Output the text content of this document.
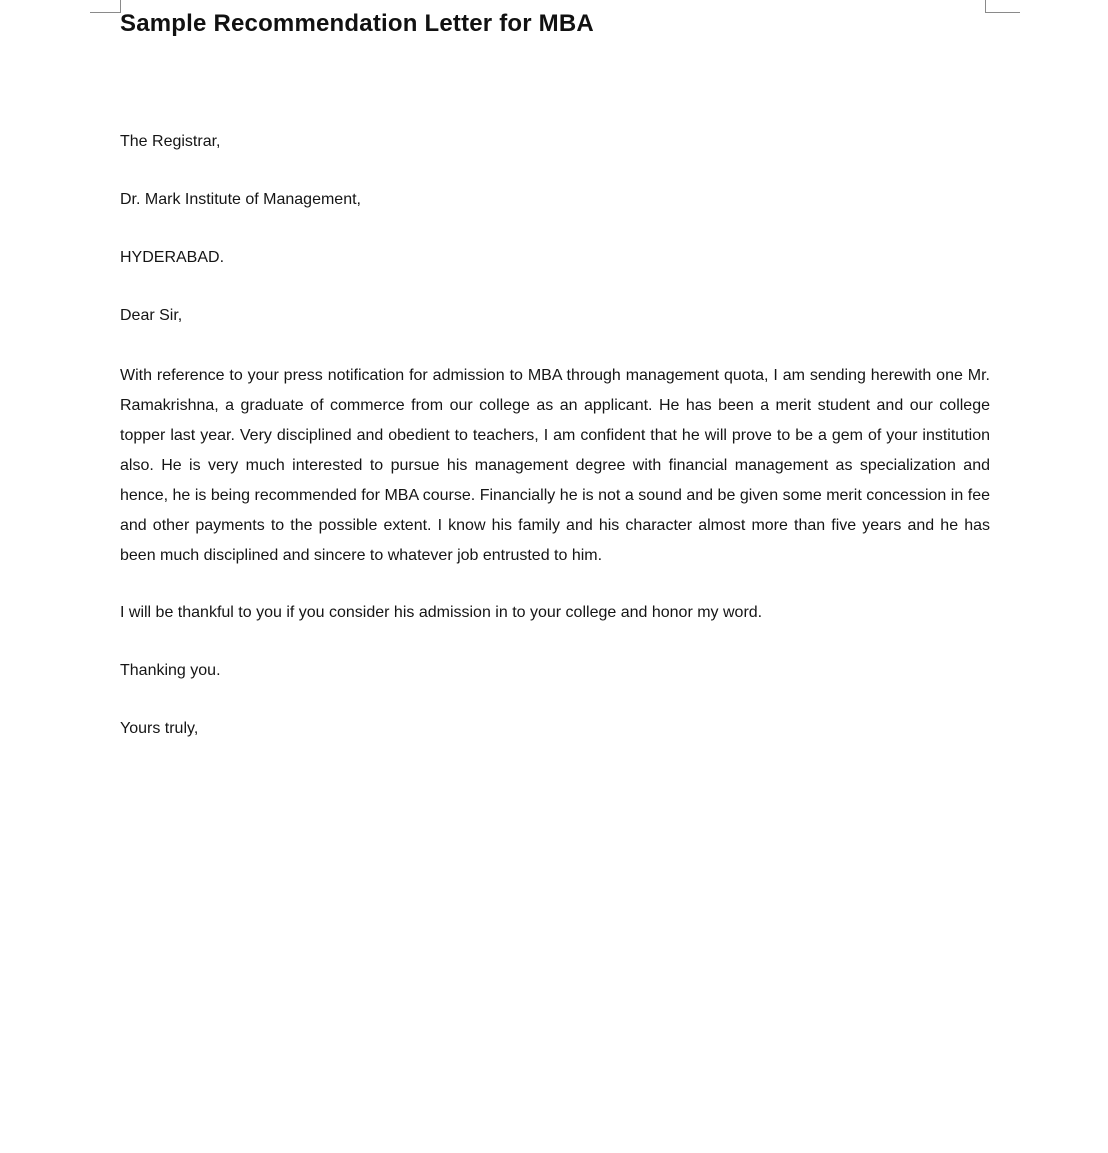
Sample Recommendation Letter for MBA

The Registrar,

Dr. Mark Institute of Management,

HYDERABAD.

Dear Sir,

With reference to your press notification for admission to MBA through management quota, I am sending herewith one Mr. Ramakrishna, a graduate of commerce from our college as an applicant. He has been a merit student and our college topper last year. Very disciplined and obedient to teachers, I am confident that he will prove to be a gem of your institution also. He is very much interested to pursue his management degree with financial management as specialization and hence, he is being recommended for MBA course. Financially he is not a sound and be given some merit concession in fee and other payments to the possible extent. I know his family and his character almost more than five years and he has been much disciplined and sincere to whatever job entrusted to him.

I will be thankful to you if you consider his admission in to your college and honor my word.

Thanking you.

Yours truly,
